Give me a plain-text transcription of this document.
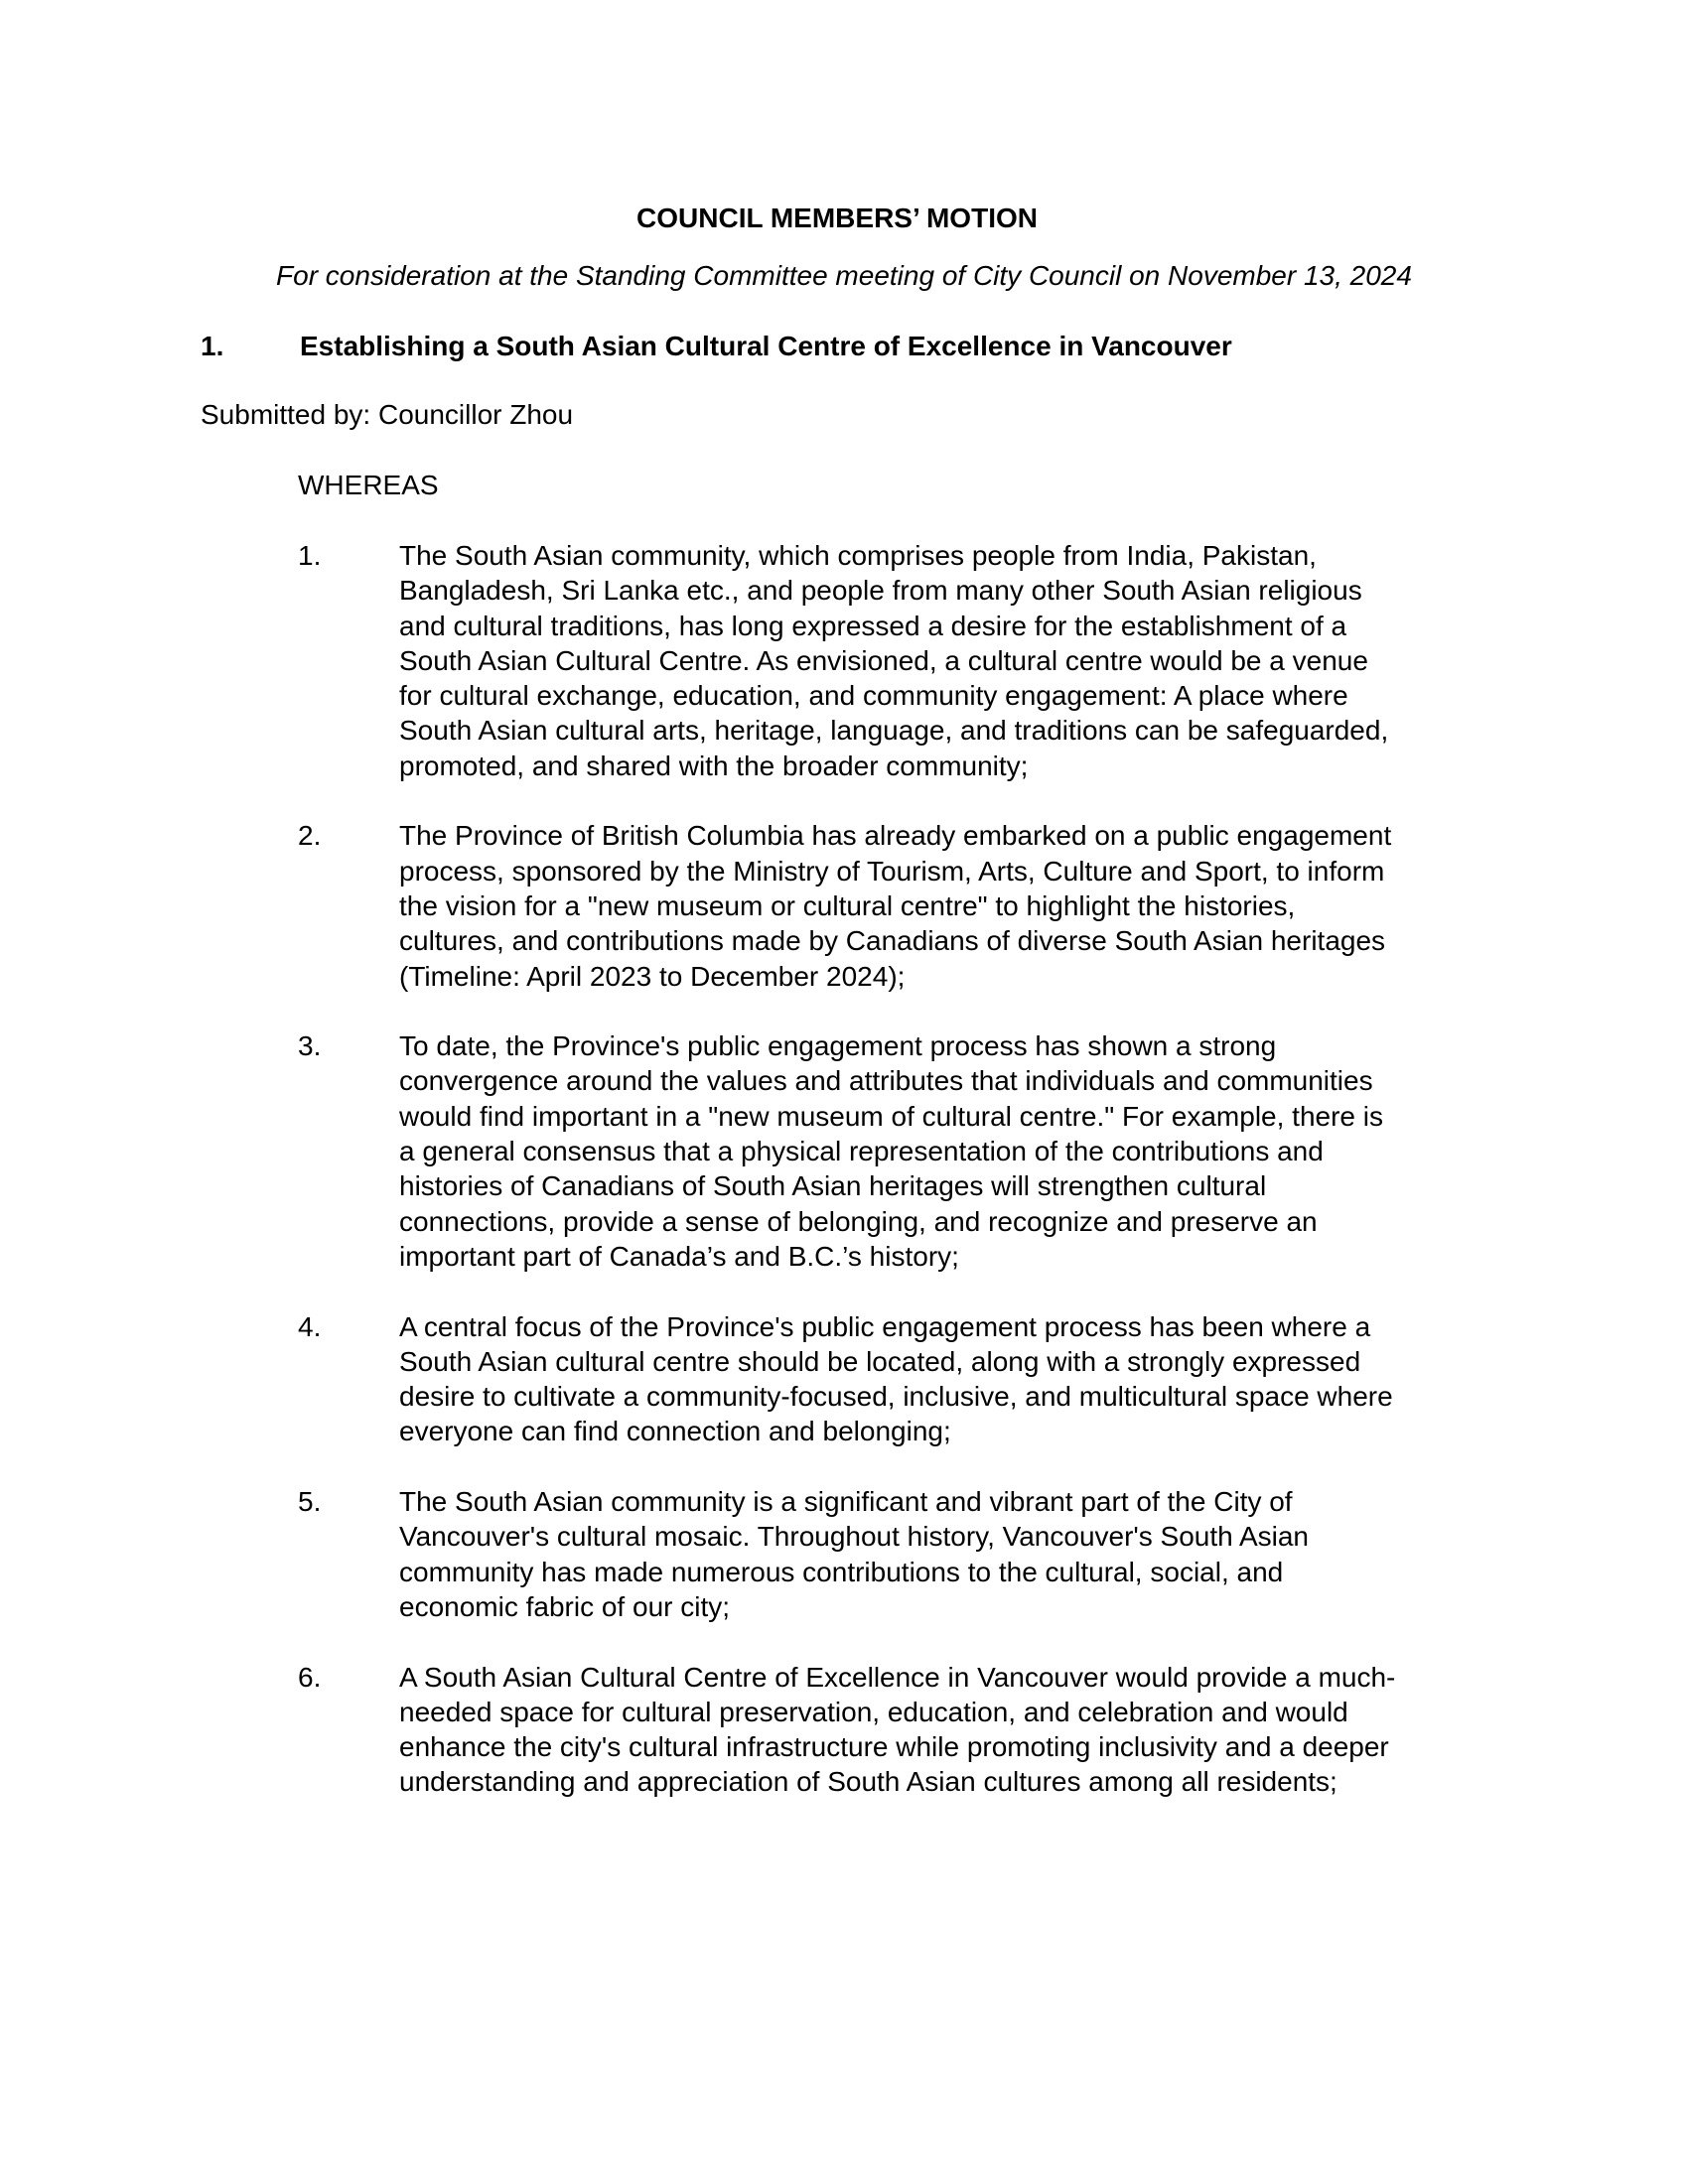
COUNCIL MEMBERS’ MOTION
For consideration at the Standing Committee meeting of City Council on November 13, 2024
1.	Establishing a South Asian Cultural Centre of Excellence in Vancouver
Submitted by: Councillor Zhou
WHEREAS
1.	The South Asian community, which comprises people from India, Pakistan,
Bangladesh, Sri Lanka etc., and people from many other South Asian religious
and cultural traditions, has long expressed a desire for the establishment of a
South Asian Cultural Centre. As envisioned, a cultural centre would be a venue
for cultural exchange, education, and community engagement: A place where
South Asian cultural arts, heritage, language, and traditions can be safeguarded,
promoted, and shared with the broader community;
2.	The Province of British Columbia has already embarked on a public engagement
process, sponsored by the Ministry of Tourism, Arts, Culture and Sport, to inform
the vision for a "new museum or cultural centre" to highlight the histories,
cultures, and contributions made by Canadians of diverse South Asian heritages
(Timeline: April 2023 to December 2024);
3.	To date, the Province's public engagement process has shown a strong
convergence around the values and attributes that individuals and communities
would find important in a "new museum of cultural centre." For example, there is
a general consensus that a physical representation of the contributions and
histories of Canadians of South Asian heritages will strengthen cultural
connections, provide a sense of belonging, and recognize and preserve an
important part of Canada’s and B.C.’s history;
4.	A central focus of the Province's public engagement process has been where a
South Asian cultural centre should be located, along with a strongly expressed
desire to cultivate a community-focused, inclusive, and multicultural space where
everyone can find connection and belonging;
5.	The South Asian community is a significant and vibrant part of the City of
Vancouver's cultural mosaic. Throughout history, Vancouver's South Asian
community has made numerous contributions to the cultural, social, and
economic fabric of our city;
6.	A South Asian Cultural Centre of Excellence in Vancouver would provide a much-
needed space for cultural preservation, education, and celebration and would
enhance the city's cultural infrastructure while promoting inclusivity and a deeper
understanding and appreciation of South Asian cultures among all residents;
